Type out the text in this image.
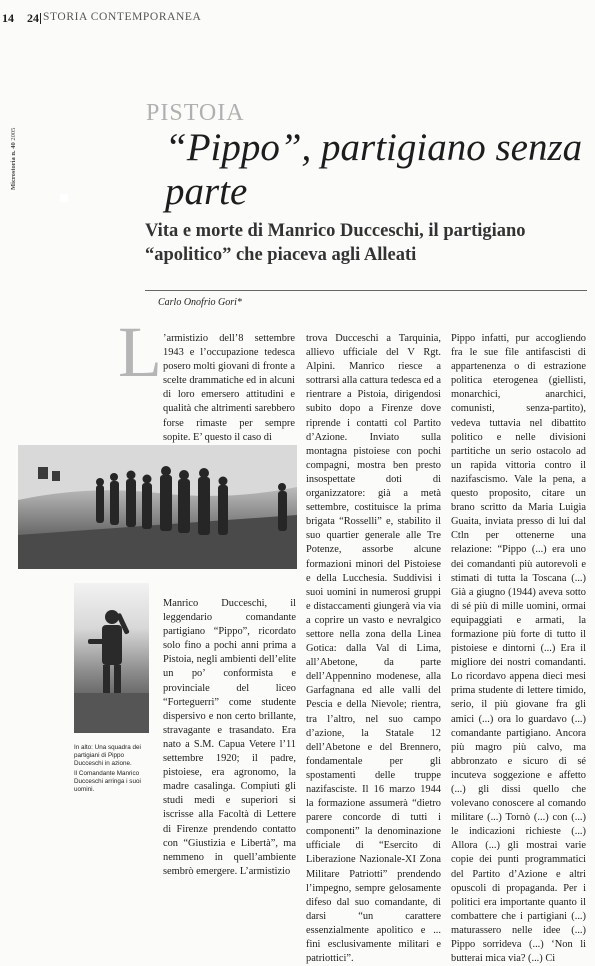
14 24 STORIA CONTEMPORANEA
Microstoria n. 40 2005
PISTOIA
“Pippo”, partigiano senza parte
Vita e morte di Manrico Ducceschi, il partigiano “apolitico” che piaceva agli Alleati
Carlo Onofrio Gori*
L ’armistizio dell’8 settembre 1943 e l’occupazione tedesca posero molti giovani di fronte a scelte drammatiche ed in alcuni di loro emersero attitudini e qualità che altrimenti sarebbero forse rimaste per sempre sopite. E’ questo il caso di
Manrico Ducceschi, il leggendario comandante partigiano “Pippo”, ricordato solo fino a pochi anni prima a Pistoia, negli ambienti dell’elite un po’ conformista e provinciale del liceo “Forteguerri” come studente dispersivo e non certo brillante, stravagante e trasandato. Era nato a S.M. Capua Vetere l’11 settembre 1920; il padre, pistoiese, era agronomo, la madre casalinga. Compiuti gli studi medi e superiori si iscrisse alla Facoltà di Lettere di Firenze prendendo contatto con “Giustizia e Libertà”, ma nemmeno in quell’ambiente sembrò emergere. L’armistizio
trova Ducceschi a Tarquinia, allievo ufficiale del V Rgt. Alpini. Manrico riesce a sottrarsi alla cattura tedesca ed a rientrare a Pistoia, dirigendosi subito dopo a Firenze dove riprende i contatti col Partito d’Azione. Inviato sulla montagna pistoiese con pochi compagni, mostra ben presto insospettate doti di organizzatore: già a metà settembre, costituisce la prima brigata “Rosselli” e, stabilito il suo quartier generale alle Tre Potenze, assorbe alcune formazioni minori del Pistoiese e della Lucchesia. Suddivisi i suoi uomini in numerosi gruppi e distaccamenti giungerà via via a coprire un vasto e nevralgico settore nella zona della Linea Gotica: dalla Val di Lima, all’Abetone, da parte dell’Appennino modenese, alla Garfagnana ed alle valli del Pescia e della Nievole; rientra, tra l’altro, nel suo campo d’azione, la Statale 12 dell’Abetone e del Brennero, fondamentale per gli spostamenti delle truppe nazifasciste. Il 16 marzo 1944 la formazione assumerà “dietro parere concorde di tutti i componenti” la denominazione ufficiale di “Esercito di Liberazione Nazionale-XI Zona Militare Patriotti” prendendo l’impegno, sempre gelosamente difeso dal suo comandante, di darsi “un carattere essenzialmente apolitico e ... fini esclusivamente militari e patriottici”.
Pippo infatti, pur accogliendo fra le sue file antifascisti di appartenenza o di estrazione politica eterogenea (giellisti, monarchici, anarchici, comunisti, senza-partito), vedeva tuttavia nel dibattito politico e nelle divisioni partitiche un serio ostacolo ad un rapida vittoria contro il nazifascismo. Vale la pena, a questo proposito, citare un brano scritto da Maria Luigia Guaita, inviata presso di lui dal Ctln per ottenerne una relazione: “Pippo (...) era uno dei comandanti più autorevoli e stimati di tutta la Toscana (...) Già a giugno (1944) aveva sotto di sé più di mille uomini, ormai equipaggiati e armati, la formazione più forte di tutto il pistoiese e dintorni (...) Era il migliore dei nostri comandanti. Lo ricordavo appena dieci mesi prima studente di lettere timido, serio, il più giovane fra gli amici (...) ora lo guardavo (...) comandante partigiano. Ancora più magro più calvo, ma abbronzato e sicuro di sé incuteva soggezione e affetto (...) gli dissi quello che volevano conoscere al comando militare (...) Tornò (...) con (...) le indicazioni richieste (...) Allora (...) gli mostrai varie copie dei punti programmatici del Partito d’Azione e altri opuscoli di propaganda. Per i politici era importante quanto il combattere che i partigiani (...) maturassero nelle idee (...) Pippo sorrideva (...) ‘Non li butterai mica via? (...) Ci
In alto: Una squadra dei partigiani di Pippo Ducceschi in azione.
Il Comandante Manrico Ducceschi arringa i suoi uomini.
